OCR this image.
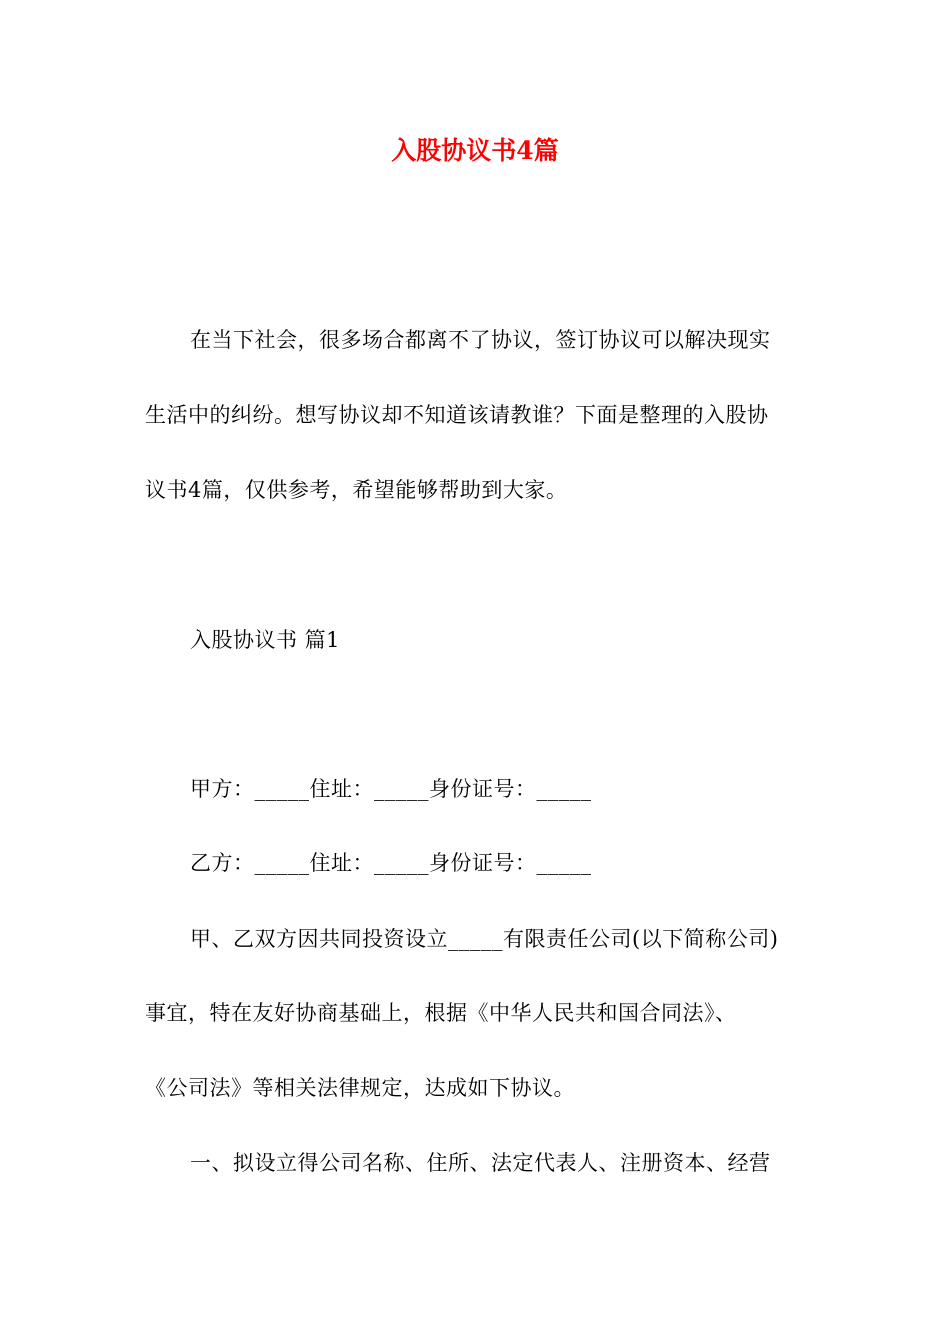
入股协议书4篇
在当下社会，很多场合都离不了协议，签订协议可以解决现实
生活中的纠纷。想写协议却不知道该请教谁？下面是整理的入股协
议书4篇，仅供参考，希望能够帮助到大家。
入股协议书 篇1
甲方：_____住址：_____身份证号：_____
乙方：_____住址：_____身份证号：_____
甲、乙双方因共同投资设立_____有限责任公司(以下简称公司)
事宜，特在友好协商基础上，根据《中华人民共和国合同法》、
《公司法》等相关法律规定，达成如下协议。
一、拟设立得公司名称、住所、法定代表人、注册资本、经营
